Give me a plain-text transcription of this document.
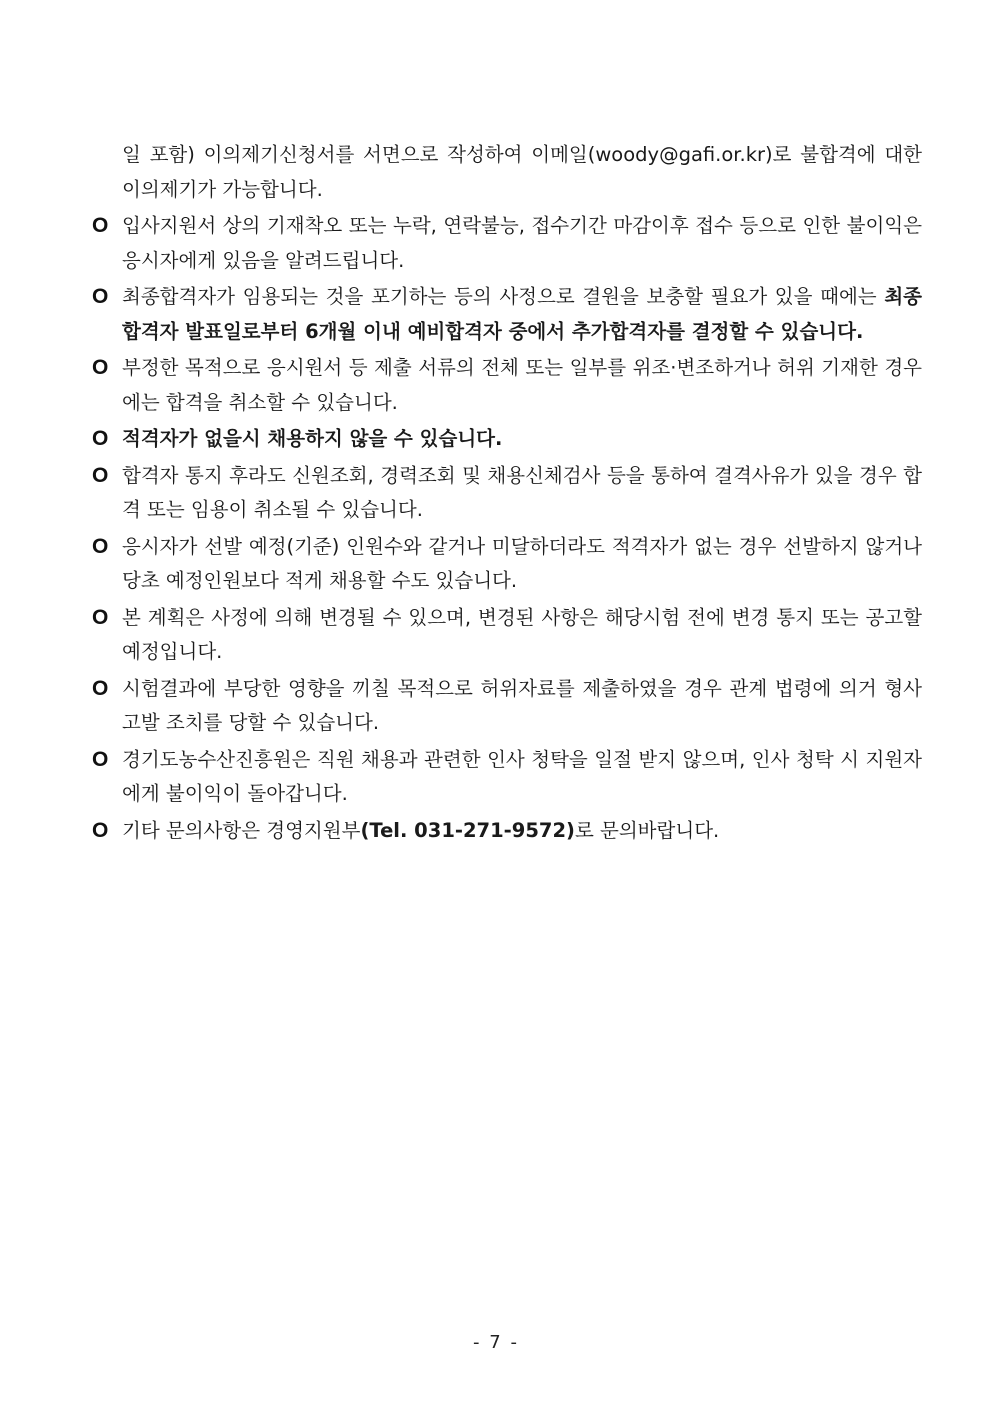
일 포함) 이의제기신청서를 서면으로 작성하여 이메일(woody@gafi.or.kr)로 불합격에 대한 이의제기가 가능합니다.
O 입사지원서 상의 기재착오 또는 누락, 연락불능, 접수기간 마감이후 접수 등으로 인한 불이익은 응시자에게 있음을 알려드립니다.
O 최종합격자가 임용되는 것을 포기하는 등의 사정으로 결원을 보충할 필요가 있을 때에는 최종합격자 발표일로부터 6개월 이내 예비합격자 중에서 추가합격자를 결정할 수 있습니다.
O 부정한 목적으로 응시원서 등 제출 서류의 전체 또는 일부를 위조·변조하거나 허위 기재한 경우에는 합격을 취소할 수 있습니다.
O 적격자가 없을시 채용하지 않을 수 있습니다.
O 합격자 통지 후라도 신원조회, 경력조회 및 채용신체검사 등을 통하여 결격사유가 있을 경우 합격 또는 임용이 취소될 수 있습니다.
O 응시자가 선발 예정(기준) 인원수와 같거나 미달하더라도 적격자가 없는 경우 선발하지 않거나 당초 예정인원보다 적게 채용할 수도 있습니다.
O 본 계획은 사정에 의해 변경될 수 있으며, 변경된 사항은 해당시험 전에 변경 통지 또는 공고할 예정입니다.
O 시험결과에 부당한 영향을 끼칠 목적으로 허위자료를 제출하였을 경우 관계 법령에 의거 형사고발 조치를 당할 수 있습니다.
O 경기도농수산진흥원은 직원 채용과 관련한 인사 청탁을 일절 받지 않으며, 인사 청탁 시 지원자에게 불이익이 돌아갑니다.
O 기타 문의사항은 경영지원부(Tel. 031-271-9572)로 문의바랍니다.
- 7 -
